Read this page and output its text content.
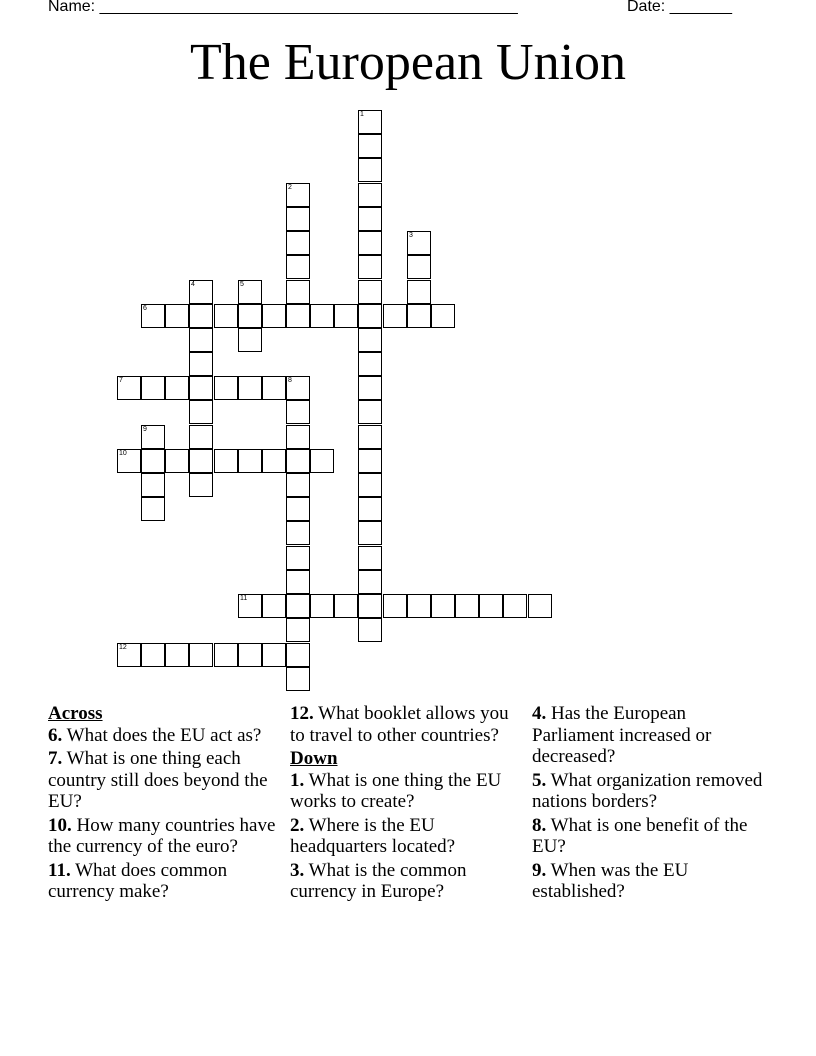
Name: _______________________________________________	Date: _______
The European Union
1
2
3
4	5
6
7	8
9
10
11
12
Across
6. What does the EU act as?
7. What is one thing each country still does beyond the EU?
10. How many countries have the currency of the euro?
11. What does common currency make?
12. What booklet allows you to travel to other countries?
Down
1. What is one thing the EU works to create?
2. Where is the EU headquarters located?
3. What is the common currency in Europe?
4. Has the European Parliament increased or decreased?
5. What organization removed nations borders?
8. What is one benefit of the EU?
9. When was the EU established?
